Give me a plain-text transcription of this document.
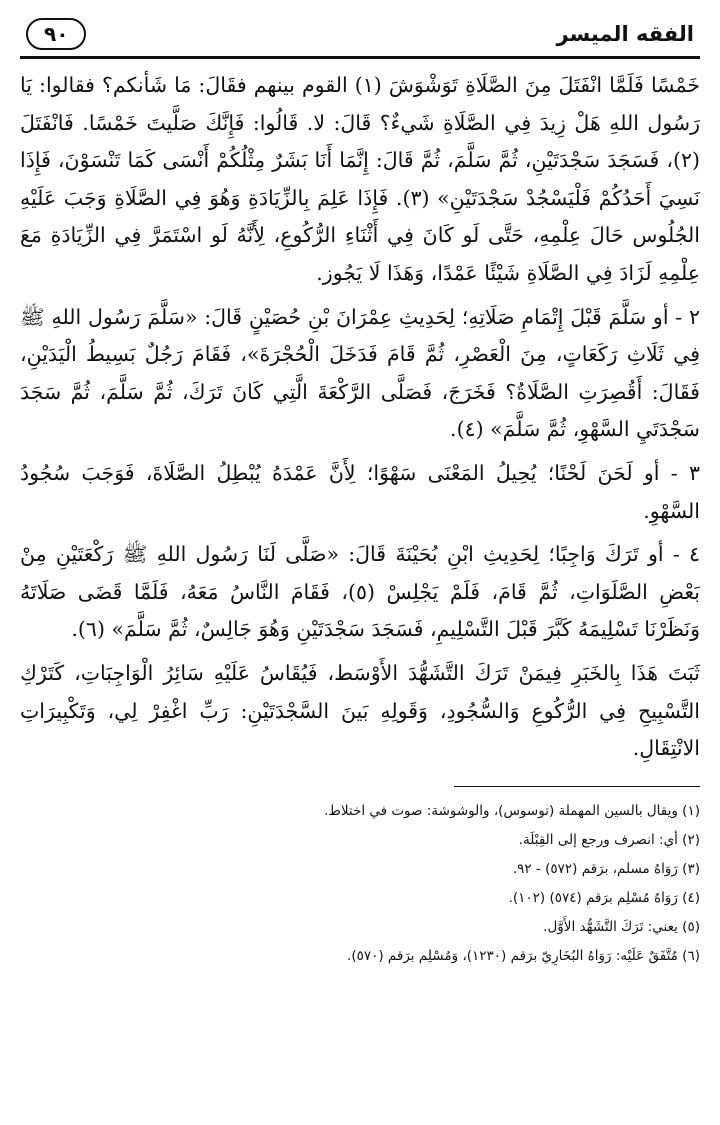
الفقه الميسر
٩٠

خَمْسًا فَلَمَّا انْفَتَلَ مِنَ الصَّلَاةِ تَوَشْوَشَ (١) القوم بينهم فقَالَ: مَا شَأنكم؟ فقالوا: يَا رَسُول اللهِ هَلْ زِيدَ فِي الصَّلَاةِ شَيءٌ؟ قَالَ: لا. قَالُوا: فَإِنَّكَ صَلَّيتَ خَمْسًا. فَانْفَتَلَ (٢)، فَسَجَدَ سَجْدَتَيْنِ، ثُمَّ سَلَّمَ، ثُمَّ قَالَ: إِنَّمَا أَنَا بَشَرٌ مِثْلُكُمْ أَنْسَى كَمَا تَنْسَوْنَ، فَإِذَا نَسِيَ أَحَدُكُمْ فَلْيَسْجُدْ سَجْدَتَيْنِ» (٣). فَإِذَا عَلِمَ بِالزِّيَادَةِ وَهُوَ فِي الصَّلَاةِ وَجَبَ عَلَيْهِ الجُلُوس حَالَ عِلْمِهِ، حَتَّى لَو كَانَ فِي أَثْنَاءِ الرُّكُوعِ، لِأَنَّهُ لَو اسْتَمَرَّ فِي الزِّيَادَةِ مَعَ عِلْمِهِ لَزَادَ فِي الصَّلَاةِ شَيْئًا عَمْدًا، وَهَذَا لَا يَجُوز.

٢ - أو سَلَّمَ قَبْلَ إِتْمَامِ صَلَاتِهِ؛ لِحَدِيثِ عِمْرَانَ بْنِ حُصَيْنٍ قَالَ: «سَلَّمَ رَسُول اللهِ ﷺ فِي ثَلَاثِ رَكَعَاتٍ، مِنَ الْعَصْرِ، ثُمَّ قَامَ فَدَخَلَ الْحُجْرَةَ»، فَقَامَ رَجُلٌ بَسِيطُ الْيَدَيْنِ، فَقَالَ: أَقُصِرَتِ الصَّلَاةُ؟ فَخَرَجَ، فَصَلَّى الرَّكْعَةَ الَّتِي كَانَ تَرَكَ، ثُمَّ سَلَّمَ، ثُمَّ سَجَدَ سَجْدَتَيِ السَّهْوِ، ثُمَّ سَلَّمَ» (٤).

٣ - أو لَحَنَ لَحْنًا؛ يُحِيلُ المَعْنَى سَهْوًا؛ لِأَنَّ عَمْدَهُ يُبْطِلُ الصَّلَاةَ، فَوَجَبَ سُجُودُ السَّهْوِ.

٤ - أو تَرَكَ وَاجِبًا؛ لِحَدِيثِ ابْنِ بُحَيْنَةَ قَالَ: «صَلَّى لَنَا رَسُول اللهِ ﷺ رَكْعَتَيْنِ مِنْ بَعْضِ الصَّلَوَاتِ، ثُمَّ قَامَ، فَلَمْ يَجْلِسْ (٥)، فَقَامَ النَّاسُ مَعَهُ، فَلَمَّا قَضَى صَلَاتَهُ وَنَظَرْنَا تَسْلِيمَهُ كَبَّرَ قَبْلَ التَّسْلِيمِ، فَسَجَدَ سَجْدَتَيْنِ وَهُوَ جَالِسٌ، ثُمَّ سَلَّمَ» (٦).

ثَبَتَ هَذَا بِالخَبَرِ فِيمَنْ تَرَكَ التَّشَهُّدَ الأَوْسَط، فَيُقَاسُ عَلَيْهِ سَائِرُ الْوَاجِبَاتِ، كَتَرْكِ التَّسْبِيحِ فِي الرُّكُوعِ وَالسُّجُودِ، وَقَولِهِ بَينَ السَّجْدَتَيْنِ: رَبِّ اغْفِرْ لِي، وَتَكْبِيرَاتِ الانْتِقَالِ.

(١) ويقال بالسين المهملة (توسوس)، والوشوشة: صوت في اختلاط.

(٢) أي: انصرف ورجع إلى القِبْلَة.

(٣) رَوَاهُ مسلم، برَقم (٥٧٢) - ٩٢.

(٤) رَوَاهُ مُسْلِم برَقم (٥٧٤) (١٠٢).

(٥) يعني: تَرَكَ التَّشَهُّد الأَوَّل.

(٦) مُتَّفَقٌ عَلَيْه: رَوَاهُ البُخَارِيّ برَقم (١٢٣٠)، وَمُسْلِم برَقم (٥٧٠).
